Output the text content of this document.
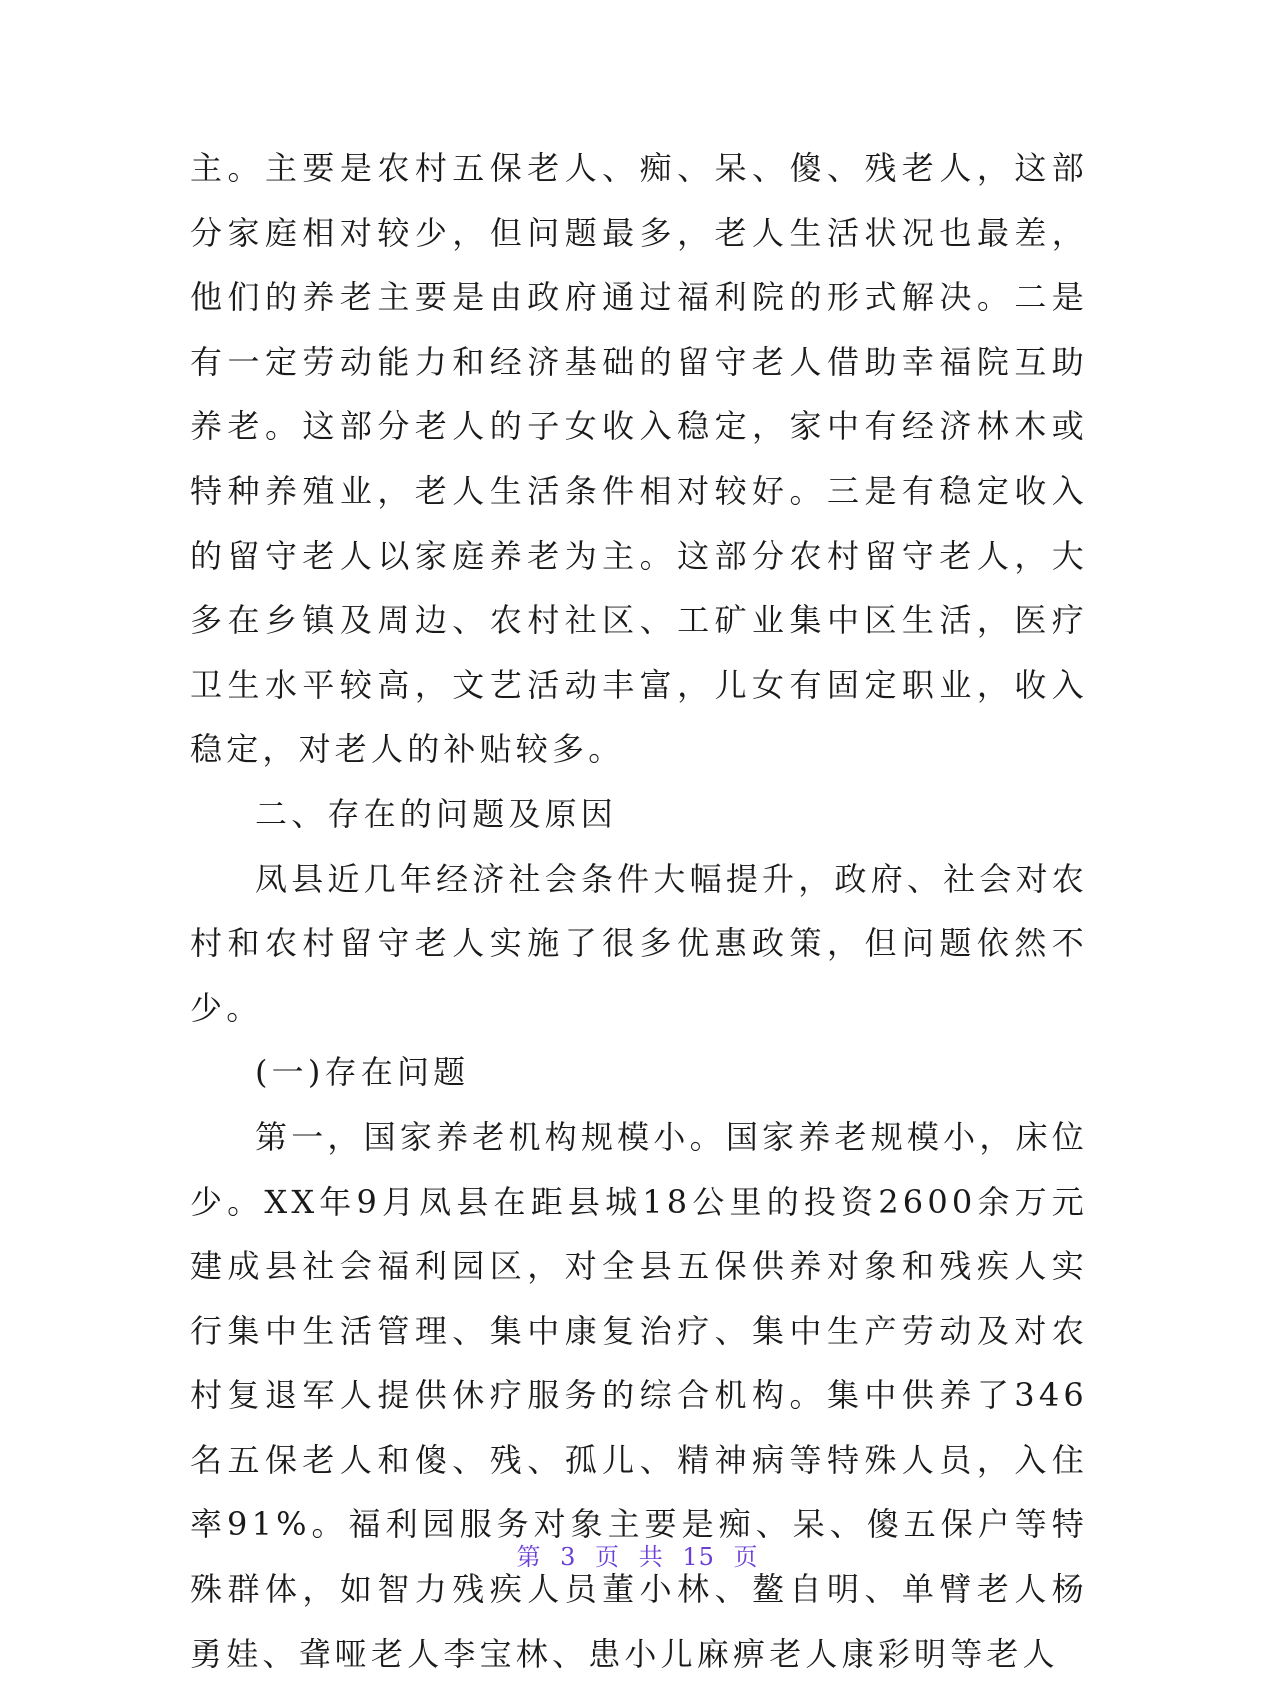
主。主要是农村五保老人、痴、呆、傻、残老人，这部分家庭相对较少，但问题最多，老人生活状况也最差，他们的养老主要是由政府通过福利院的形式解决。二是有一定劳动能力和经济基础的留守老人借助幸福院互助养老。这部分老人的子女收入稳定，家中有经济林木或特种养殖业，老人生活条件相对较好。三是有稳定收入的留守老人以家庭养老为主。这部分农村留守老人，大多在乡镇及周边、农村社区、工矿业集中区生活，医疗卫生水平较高，文艺活动丰富，儿女有固定职业，收入稳定，对老人的补贴较多。

二、存在的问题及原因

凤县近几年经济社会条件大幅提升，政府、社会对农村和农村留守老人实施了很多优惠政策，但问题依然不少。

(一)存在问题

第一，国家养老机构规模小。国家养老规模小，床位少。XX年9月凤县在距县城18公里的投资2600余万元建成县社会福利园区，对全县五保供养对象和残疾人实行集中生活管理、集中康复治疗、集中生产劳动及对农村复退军人提供休疗服务的综合机构。集中供养了346名五保老人和傻、残、孤儿、精神病等特殊人员，入住率91%。福利园服务对象主要是痴、呆、傻五保户等特殊群体，如智力残疾人员董小林、鳌自明、单臂老人杨勇娃、聋哑老人李宝林、患小儿麻痹老人康彩明等老人

第 3 页 共 15 页
